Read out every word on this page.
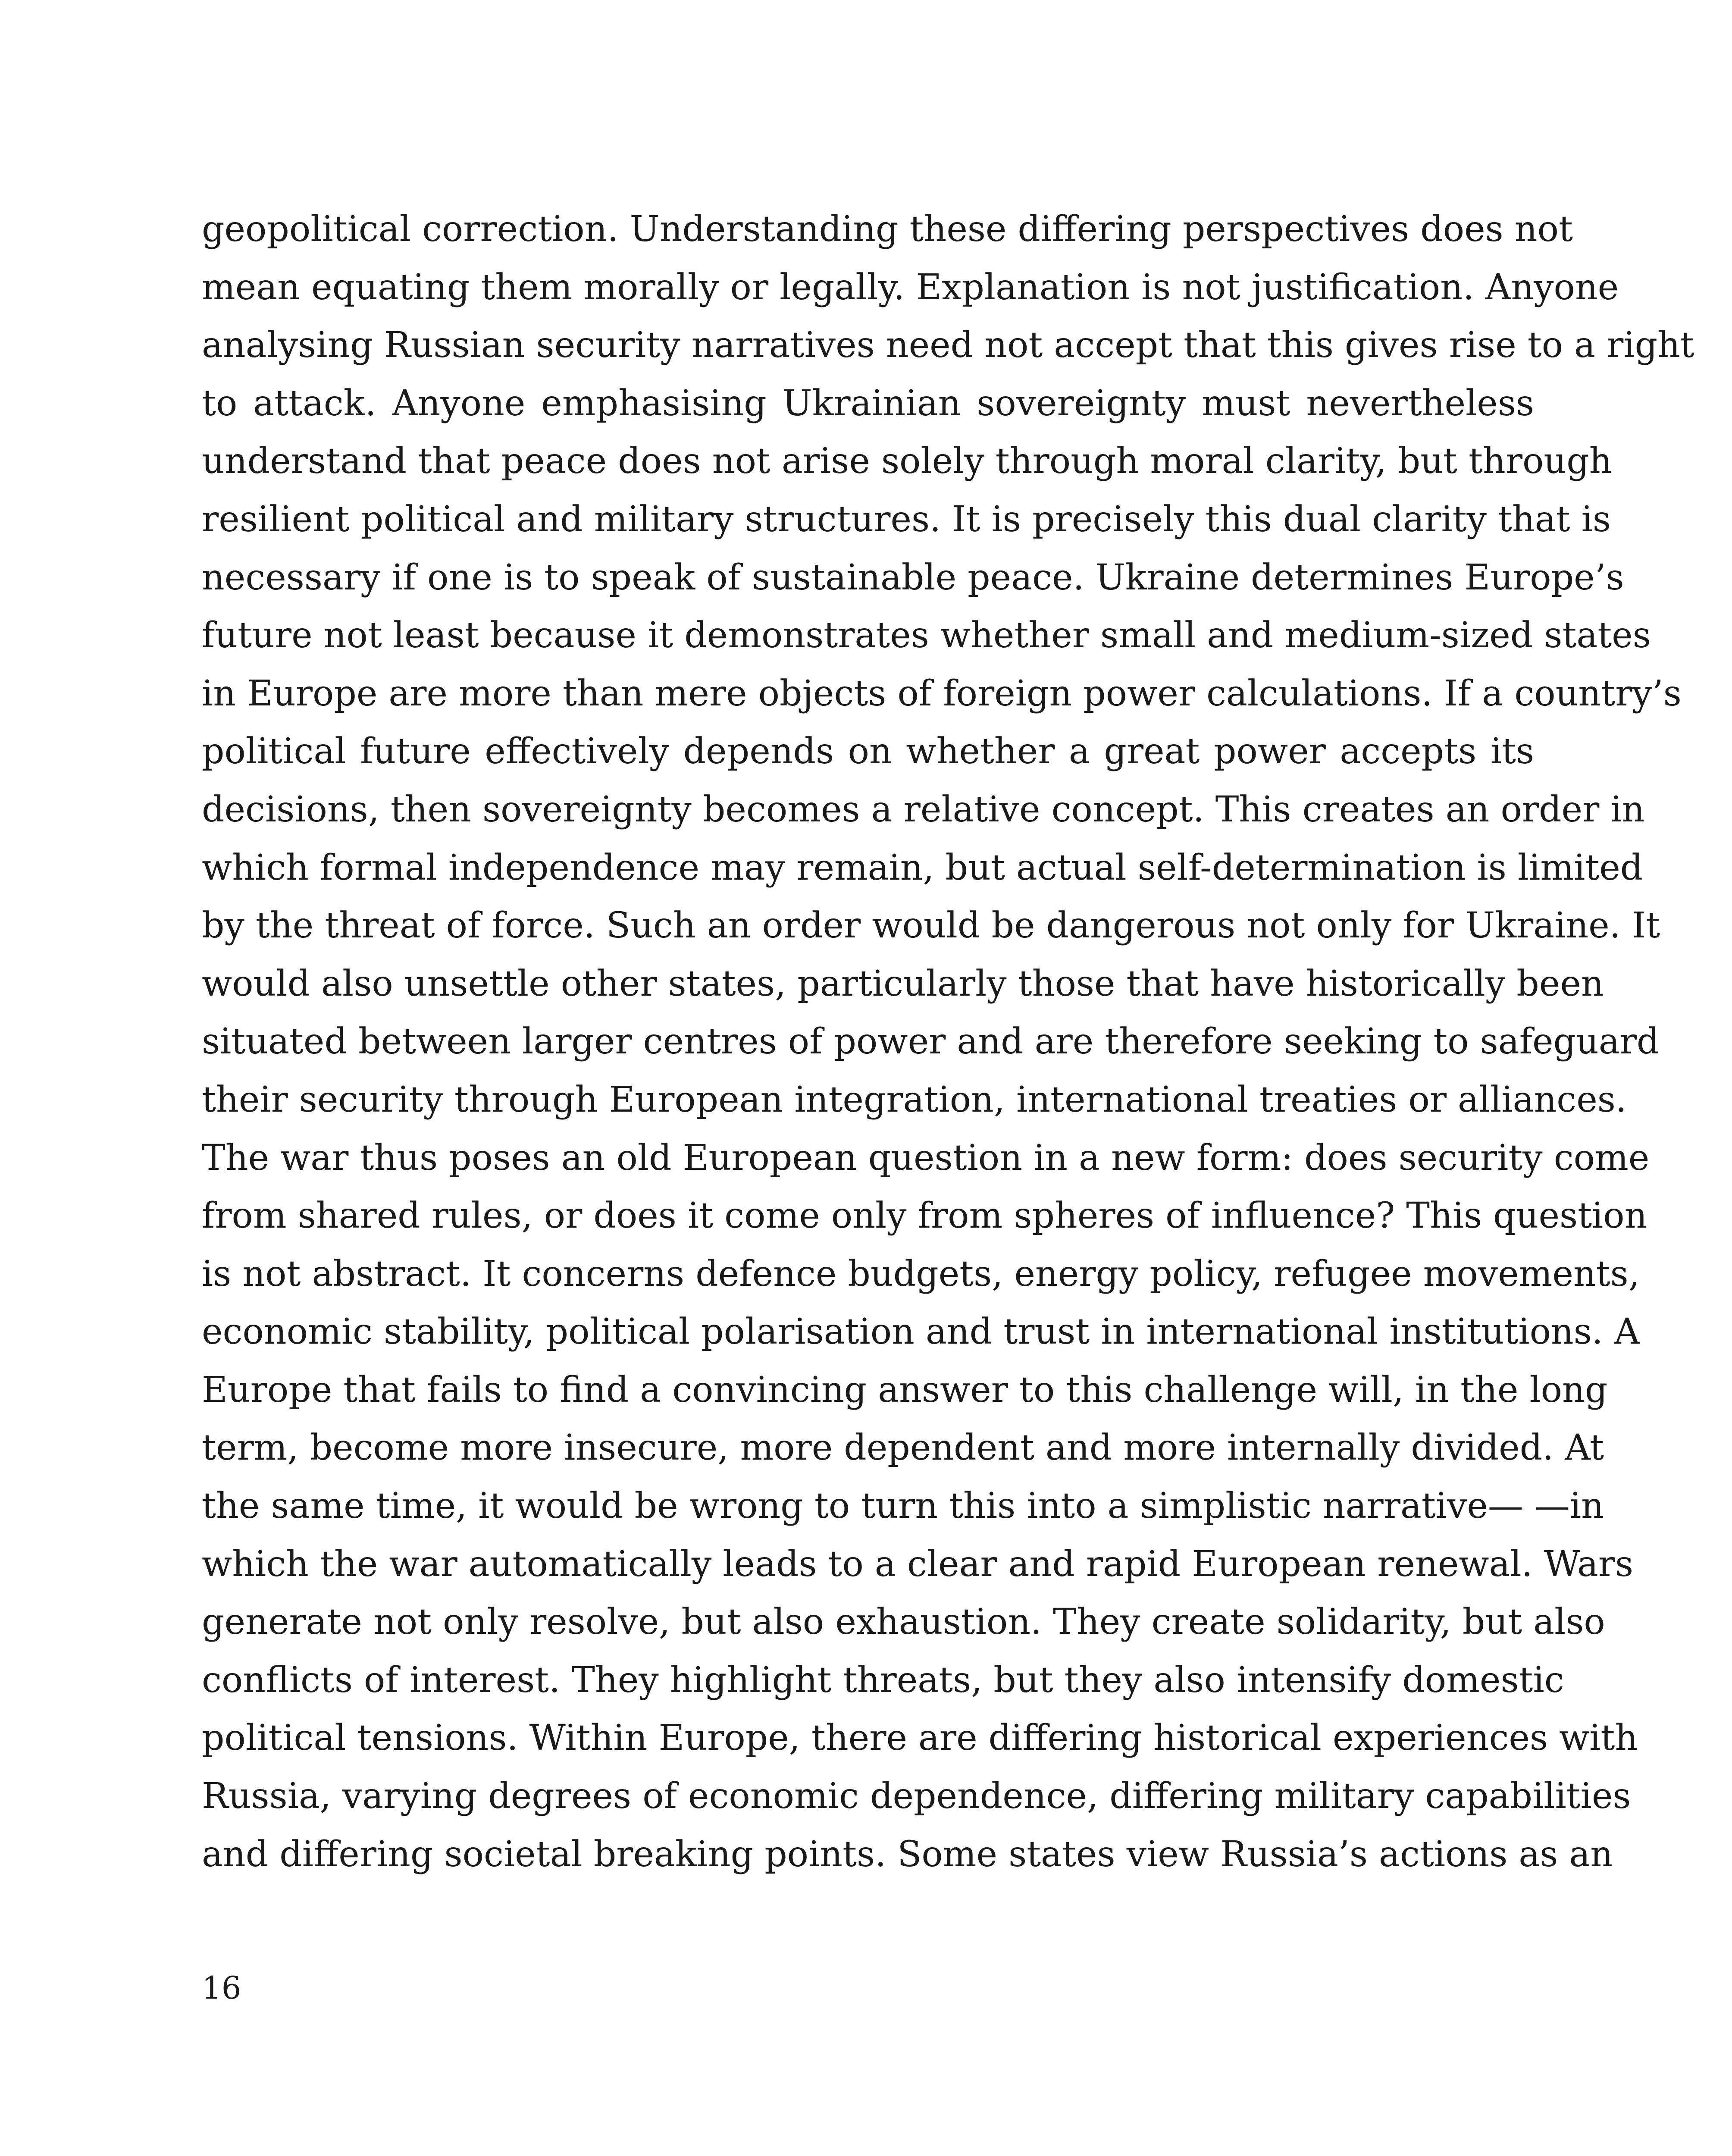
geopolitical correction. Understanding these differing perspectives does not
mean equating them morally or legally. Explanation is not justification. Anyone
analysing Russian security narratives need not accept that this gives rise to a right
to attack. Anyone emphasising Ukrainian sovereignty must nevertheless
understand that peace does not arise solely through moral clarity, but through
resilient political and military structures. It is precisely this dual clarity that is
necessary if one is to speak of sustainable peace. Ukraine determines Europe’s
future not least because it demonstrates whether small and medium-sized states
in Europe are more than mere objects of foreign power calculations. If a country’s
political future effectively depends on whether a great power accepts its
decisions, then sovereignty becomes a relative concept. This creates an order in
which formal independence may remain, but actual self-determination is limited
by the threat of force. Such an order would be dangerous not only for Ukraine. It
would also unsettle other states, particularly those that have historically been
situated between larger centres of power and are therefore seeking to safeguard
their security through European integration, international treaties or alliances.
The war thus poses an old European question in a new form: does security come
from shared rules, or does it come only from spheres of influence? This question
is not abstract. It concerns defence budgets, energy policy, refugee movements,
economic stability, political polarisation and trust in international institutions. A
Europe that fails to find a convincing answer to this challenge will, in the long
term, become more insecure, more dependent and more internally divided. At
the same time, it would be wrong to turn this into a simplistic narrative— —in
which the war automatically leads to a clear and rapid European renewal. Wars
generate not only resolve, but also exhaustion. They create solidarity, but also
conflicts of interest. They highlight threats, but they also intensify domestic
political tensions. Within Europe, there are differing historical experiences with
Russia, varying degrees of economic dependence, differing military capabilities
and differing societal breaking points. Some states view Russia’s actions as an
16
